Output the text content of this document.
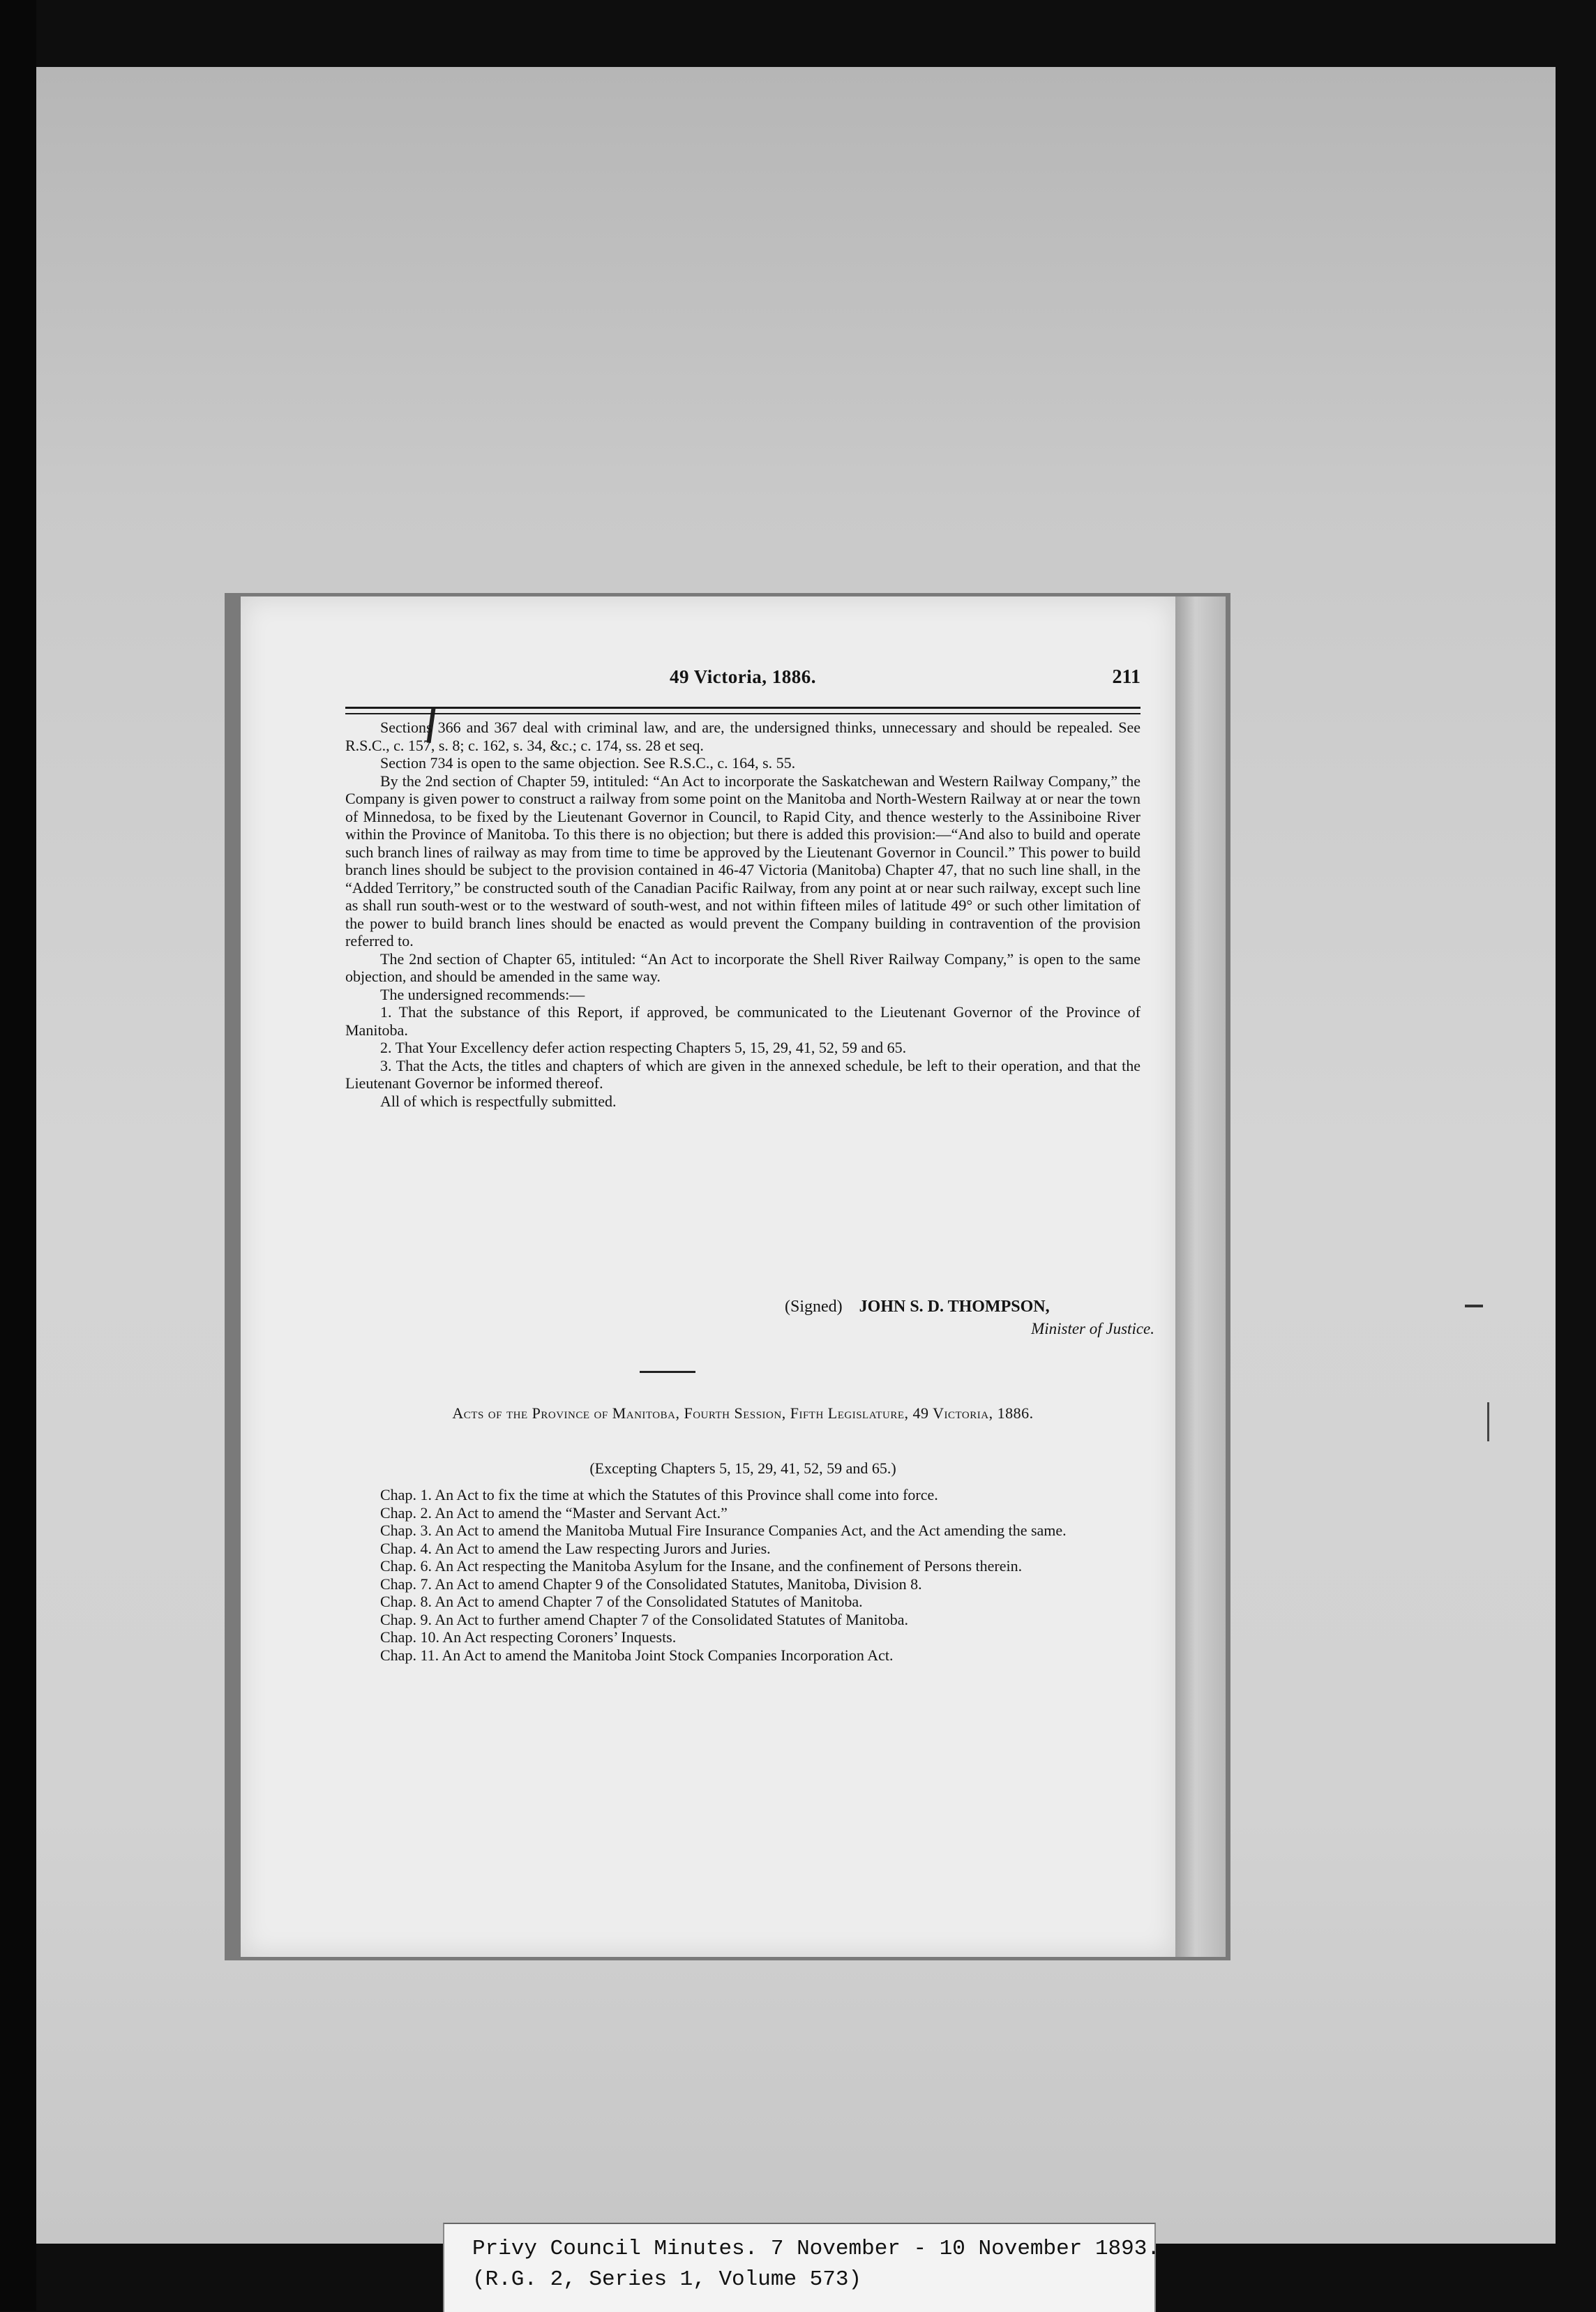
49 Victoria, 1886.	211

Sections 366 and 367 deal with criminal law, and are, the undersigned thinks, unnecessary and should be repealed. See R.S.C., c. 157, s. 8; c. 162, s. 34, &c.; c. 174, ss. 28 et seq.

Section 734 is open to the same objection. See R.S.C., c. 164, s. 55.

By the 2nd section of Chapter 59, intituled: “An Act to incorporate the Saskatchewan and Western Railway Company,” the Company is given power to construct a railway from some point on the Manitoba and North-Western Railway at or near the town of Minnedosa, to be fixed by the Lieutenant Governor in Council, to Rapid City, and thence westerly to the Assiniboine River within the Province of Manitoba. To this there is no objection; but there is added this provision:—“And also to build and operate such branch lines of railway as may from time to time be approved by the Lieutenant Governor in Council.” This power to build branch lines should be subject to the provision contained in 46-47 Victoria (Manitoba) Chapter 47, that no such line shall, in the “Added Territory,” be constructed south of the Canadian Pacific Railway, from any point at or near such railway, except such line as shall run south-west or to the westward of south-west, and not within fifteen miles of latitude 49° or such other limitation of the power to build branch lines should be enacted as would prevent the Company building in contravention of the provision referred to.

The 2nd section of Chapter 65, intituled: “An Act to incorporate the Shell River Railway Company,” is open to the same objection, and should be amended in the same way.

The undersigned recommends:—

1. That the substance of this Report, if approved, be communicated to the Lieutenant Governor of the Province of Manitoba.

2. That Your Excellency defer action respecting Chapters 5, 15, 29, 41, 52, 59 and 65.

3. That the Acts, the titles and chapters of which are given in the annexed schedule, be left to their operation, and that the Lieutenant Governor be informed thereof.

All of which is respectfully submitted.

(Signed) JOHN S. D. THOMPSON,
Minister of Justice.
Acts of the Province of Manitoba, Fourth Session, Fifth Legislature, 49 Victoria, 1886.
(Excepting Chapters 5, 15, 29, 41, 52, 59 and 65.)

Chap. 1. An Act to fix the time at which the Statutes of this Province shall come into force.

Chap. 2. An Act to amend the “Master and Servant Act.”

Chap. 3. An Act to amend the Manitoba Mutual Fire Insurance Companies Act, and the Act amending the same.

Chap. 4. An Act to amend the Law respecting Jurors and Juries.

Chap. 6. An Act respecting the Manitoba Asylum for the Insane, and the confinement of Persons therein.

Chap. 7. An Act to amend Chapter 9 of the Consolidated Statutes, Manitoba, Division 8.

Chap. 8. An Act to amend Chapter 7 of the Consolidated Statutes of Manitoba.

Chap. 9. An Act to further amend Chapter 7 of the Consolidated Statutes of Manitoba.

Chap. 10. An Act respecting Coroners’ Inquests.

Chap. 11. An Act to amend the Manitoba Joint Stock Companies Incorporation Act.

Privy Council Minutes. 7 November - 10 November 1893.
(R.G. 2, Series 1, Volume 573)
